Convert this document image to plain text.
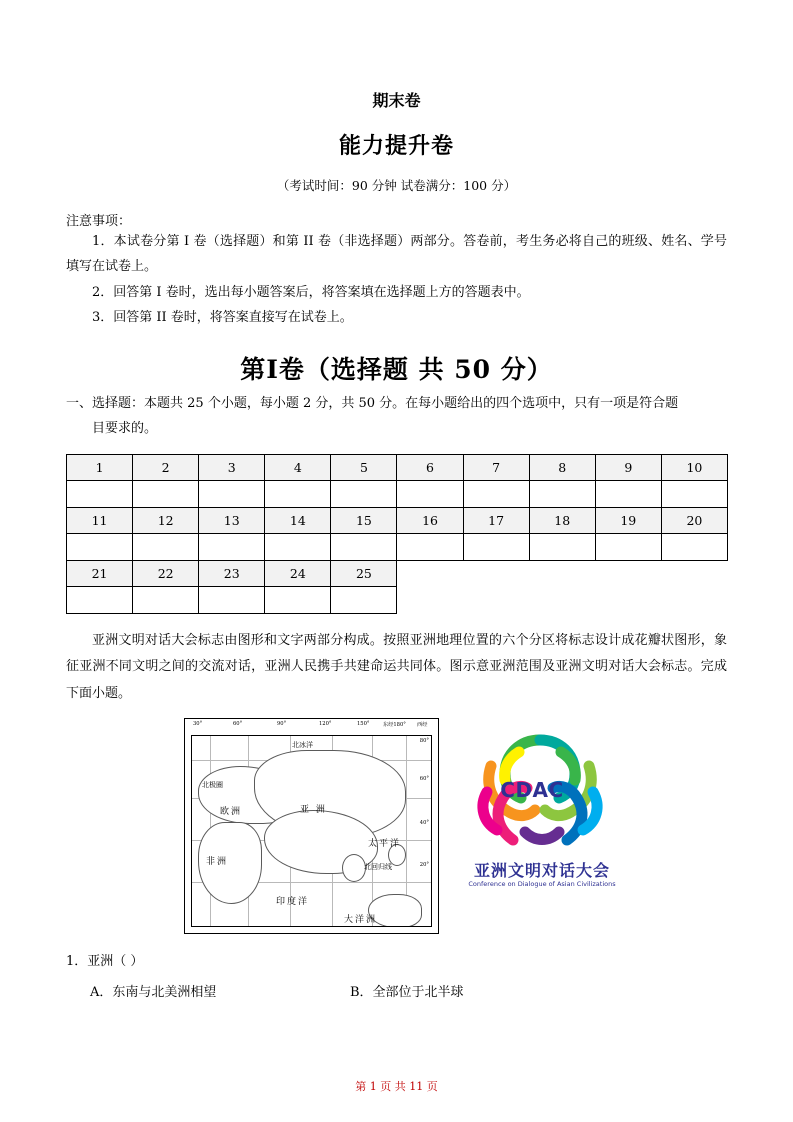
期末卷
能力提升卷
（考试时间：90 分钟 试卷满分：100 分）
注意事项：

1．本试卷分第 I 卷（选择题）和第 II 卷（非选择题）两部分。答卷前，考生务必将自己的班级、姓名、学号填写在试卷上。

2．回答第 I 卷时，选出每小题答案后，将答案填在选择题上方的答题表中。

3．回答第 II 卷时，将答案直接写在试卷上。

第Ⅰ卷（选择题 共 50 分）

一、选择题：本题共 25 个小题，每小题 2 分，共 50 分。在每小题给出的四个选项中，只有一项是符合题
目要求的。

1	2	3	4	5	6	7	8	9	10

11	12	13	14	15	16	17	18	19	20

21	22	23	24	25					

亚洲文明对话大会标志由图形和文字两部分构成。按照亚洲地理位置的六个分区将标志设计成花瓣状图形，象征亚洲不同文明之间的交流对话，亚洲人民携手共建命运共同体。图示意亚洲范围及亚洲文明对话大会标志。完成下面小题。

30°	60°	90°	120°	150°	东经180° 西经
北冰洋
北极圈
欧洲	亚 洲
非洲
印度洋
太平洋
北回归线
大洋洲
80°
60°
40°
20°
CDAC
亚洲文明对话大会
Conference on Dialogue of Asian Civilizations
1．亚洲（ ）
A．东南与北美洲相望	B．全部位于北半球
第 1 页 共 11 页
